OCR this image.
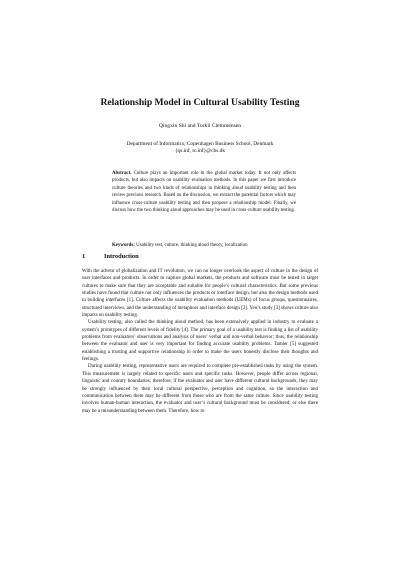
Relationship Model in Cultural Usability Testing
Qingxin Shi and Torkil Clemmensen
Department of Informatics, Copenhagen Business School, Denmark
{qs.inf, tc.inf}@cbs.dk
Abstract. Culture plays an important role in the global market today. It not only affects products, but also impacts on usability evaluation methods. In this paper we first introduce culture theories and two kinds of relationships in thinking aloud usability testing and then review previous research. Based on the discussion, we extract the potential factors which may influence cross-culture usability testing and then propose a relationship model. Finally, we discuss how the two thinking aloud approaches may be used in cross-culture usability testing.
Keywords: Usability test, culture, thinking aloud theory, localization
1	Introduction

With the advent of globalization and IT revolution, we can no longer overlook the aspect of culture in the design of user interfaces and products. In order to capture global markets, the products and software must be tested in target cultures to make sure that they are acceptable and suitable for people’s cultural characteristics. But some previous studies have found that culture not only influences the products or interface design, but also the design methods used in building interfaces [1]. Culture affects the usability evaluation methods (UEMs) of focus groups, questionnaires, structured interviews, and the understanding of metaphors and interface design [2]. Yeo’s study [3] shows culture also impacts on usability testing.

Usability testing, also called the thinking aloud method, has been extensively applied in industry to evaluate a system’s prototypes of different levels of fidelity [4]. The primary goal of a usability test is finding a list of usability problems from evaluators’ observations and analysis of users’ verbal and non-verbal behavior; thus, the relationship between the evaluator and user is very important for finding accurate usability problems. Tamler [5] suggested establishing a trusting and supportive relationship in order to make the users honestly disclose their thoughts and feelings.

During usability testing, representative users are required to complete pre-established tasks by using the system. This measurement is largely related to specific users and specific tasks. However, people differ across regional, linguistic and country boundaries; therefore, if the evaluator and user have different cultural backgrounds, they may be strongly influenced by their local cultural perspective, perception and cognition, so the interaction and communication between them may be different from those who are from the same culture. Since usability testing involves human-human interaction, the evaluator and user’s cultural background must be considered; or else there may be a misunderstanding between them. Therefore, how to
